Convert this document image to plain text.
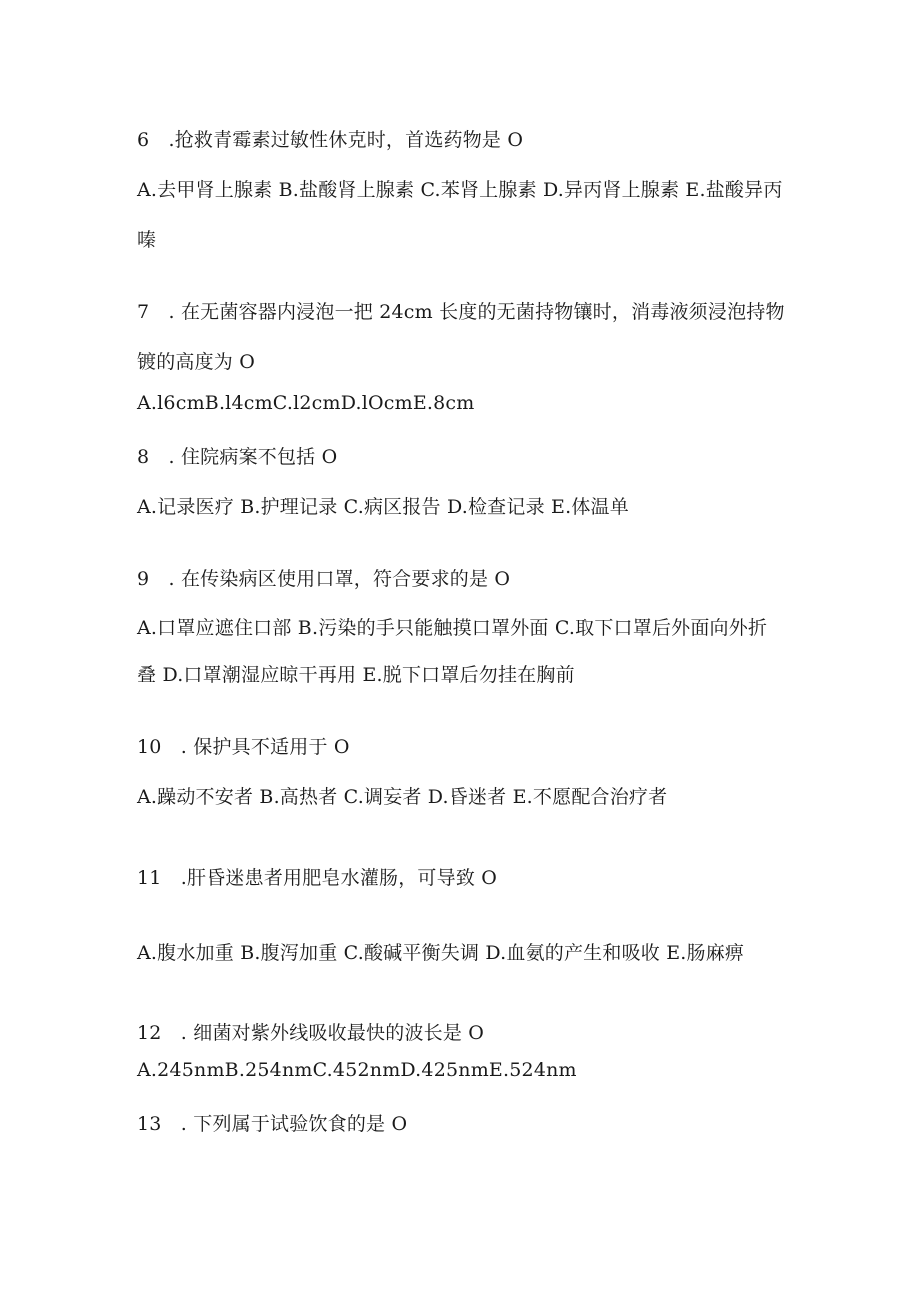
6　.抢救青霉素过敏性休克时，首选药物是 O
A.去甲肾上腺素 B.盐酸肾上腺素 C.苯肾上腺素 D.异丙肾上腺素 E.盐酸异丙
嗪
7　. 在无菌容器内浸泡一把 24cm 长度的无菌持物镶时，消毒液须浸泡持物
镀的高度为 O
A.l6cmB.l4cmC.l2cmD.lOcmE.8cm
8　. 住院病案不包括 O
A.记录医疗 B.护理记录 C.病区报告 D.检查记录 E.体温单
9　. 在传染病区使用口罩，符合要求的是 O
A.口罩应遮住口部 B.污染的手只能触摸口罩外面 C.取下口罩后外面向外折
叠 D.口罩潮湿应晾干再用 E.脱下口罩后勿挂在胸前
10　. 保护具不适用于 O
A.躁动不安者 B.高热者 C.调妄者 D.昏迷者 E.不愿配合治疗者
11　.肝昏迷患者用肥皂水灌肠，可导致 O
A.腹水加重 B.腹泻加重 C.酸碱平衡失调 D.血氨的产生和吸收 E.肠麻痹
12　. 细菌对紫外线吸收最快的波长是 O
A.245nmB.254nmC.452nmD.425nmE.524nm
13　. 下列属于试验饮食的是 O
